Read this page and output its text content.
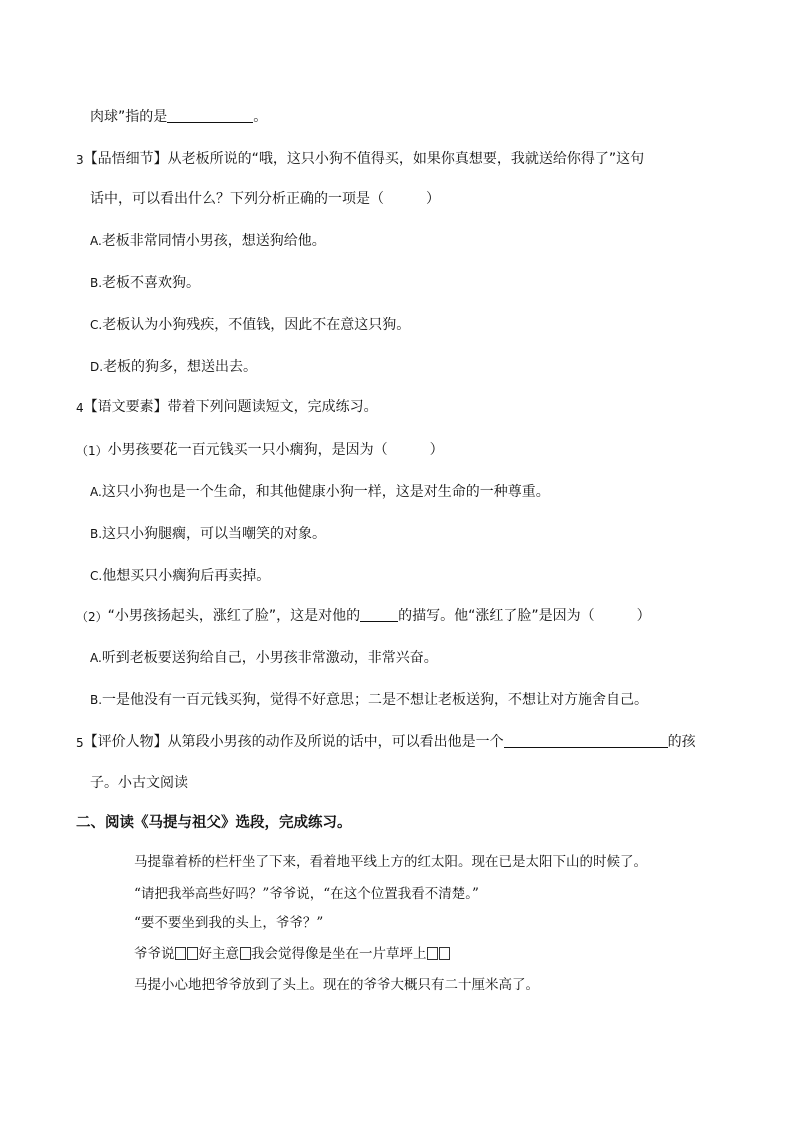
肉球”指的是	。
3【品悟细节】从老板所说的“哦，这只小狗不值得买，如果你真想要，我就送给你得了”这句
话中，可以看出什么？下列分析正确的一项是（　　　）
A.老板非常同情小男孩，想送狗给他。
B.老板不喜欢狗。
C.老板认为小狗残疾，不值钱，因此不在意这只狗。
D.老板的狗多，想送出去。
4【语文要素】带着下列问题读短文，完成练习。
（1）小男孩要花一百元钱买一只小瘸狗，是因为（　　　）
A.这只小狗也是一个生命，和其他健康小狗一样，这是对生命的一种尊重。
B.这只小狗腿瘸，可以当嘲笑的对象。
C.他想买只小瘸狗后再卖掉。
（2）“小男孩扬起头，涨红了脸”，这是对他的	的描写。他“涨红了脸”是因为（　　　）
A.听到老板要送狗给自己，小男孩非常激动，非常兴奋。
B.一是他没有一百元钱买狗，觉得不好意思；二是不想让老板送狗，不想让对方施舍自己。
5【评价人物】从第段小男孩的动作及所说的话中，可以看出他是一个	的孩
子。小古文阅读
二、阅读《马提与祖父》选段，完成练习。
马提靠着桥的栏杆坐了下来，看着地平线上方的红太阳。现在已是太阳下山的时候了。
“请把我举高些好吗？”爷爷说，“在这个位置我看不清楚。”
“要不要坐到我的头上，爷爷？”
爷爷说 好主意 我会觉得像是坐在一片草坪上
马提小心地把爷爷放到了头上。现在的爷爷大概只有二十厘米高了。
